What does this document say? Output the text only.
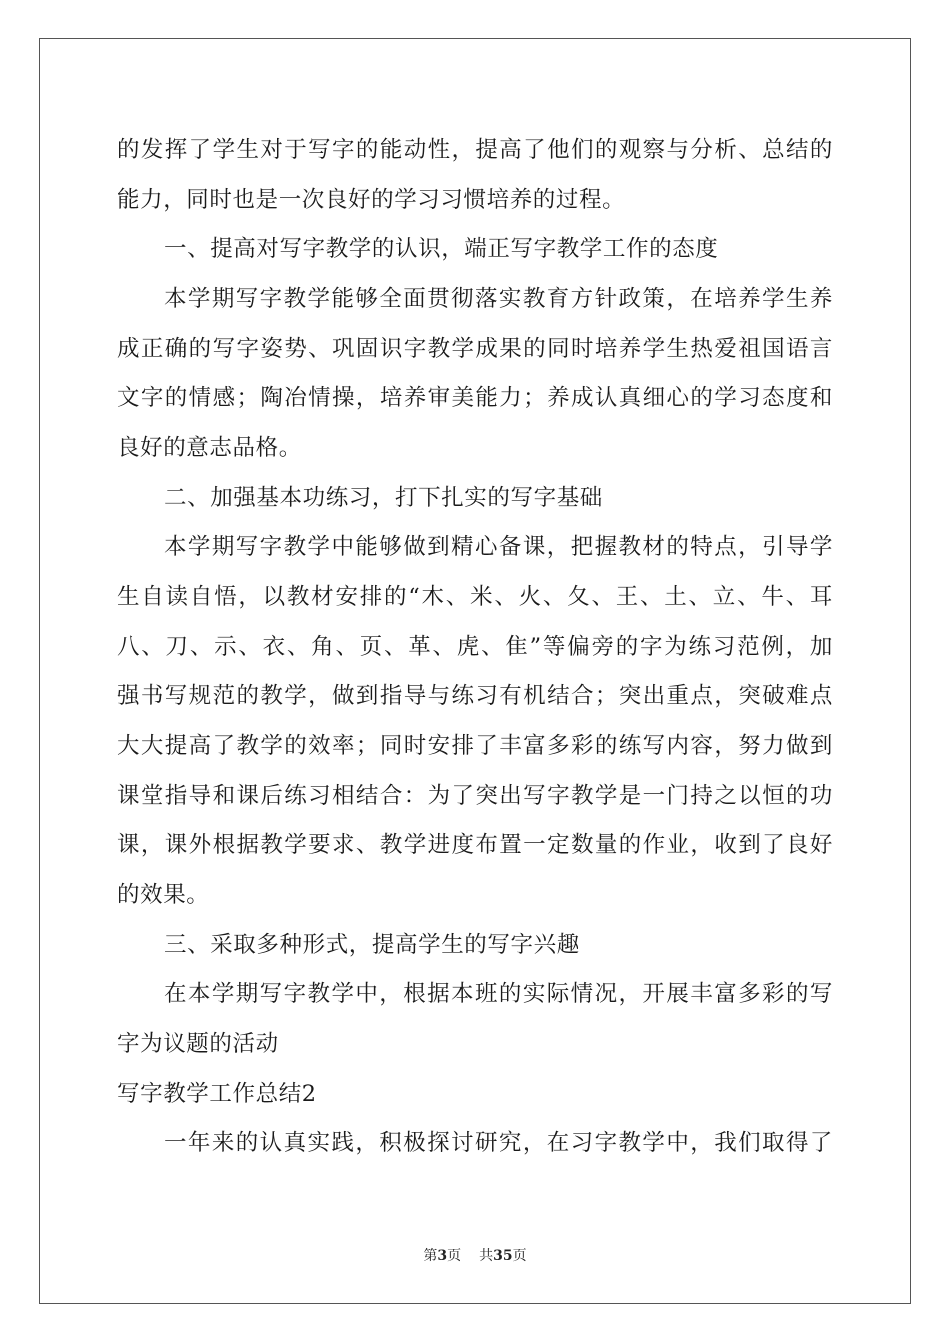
的发挥了学生对于写字的能动性，提高了他们的观察与分析、总结的
能力，同时也是一次良好的学习习惯培养的过程。
一、提高对写字教学的认识，端正写字教学工作的态度
本学期写字教学能够全面贯彻落实教育方针政策，在培养学生养
成正确的写字姿势、巩固识字教学成果的同时培养学生热爱祖国语言
文字的情感；陶冶情操，培养审美能力；养成认真细心的学习态度和
良好的意志品格。
二、加强基本功练习，打下扎实的写字基础
本学期写字教学中能够做到精心备课，把握教材的特点，引导学
生自读自悟，以教材安排的“木、米、火、夂、王、土、立、牛、耳
八、刀、示、衣、角、页、革、虎、隹”等偏旁的字为练习范例，加
强书写规范的教学，做到指导与练习有机结合；突出重点，突破难点
大大提高了教学的效率；同时安排了丰富多彩的练写内容，努力做到
课堂指导和课后练习相结合：为了突出写字教学是一门持之以恒的功
课，课外根据教学要求、教学进度布置一定数量的作业，收到了良好
的效果。
三、采取多种形式，提高学生的写字兴趣
在本学期写字教学中，根据本班的实际情况，开展丰富多彩的写
字为议题的活动
写字教学工作总结2
一年来的认真实践，积极探讨研究，在习字教学中，我们取得了
第3页 共35页
